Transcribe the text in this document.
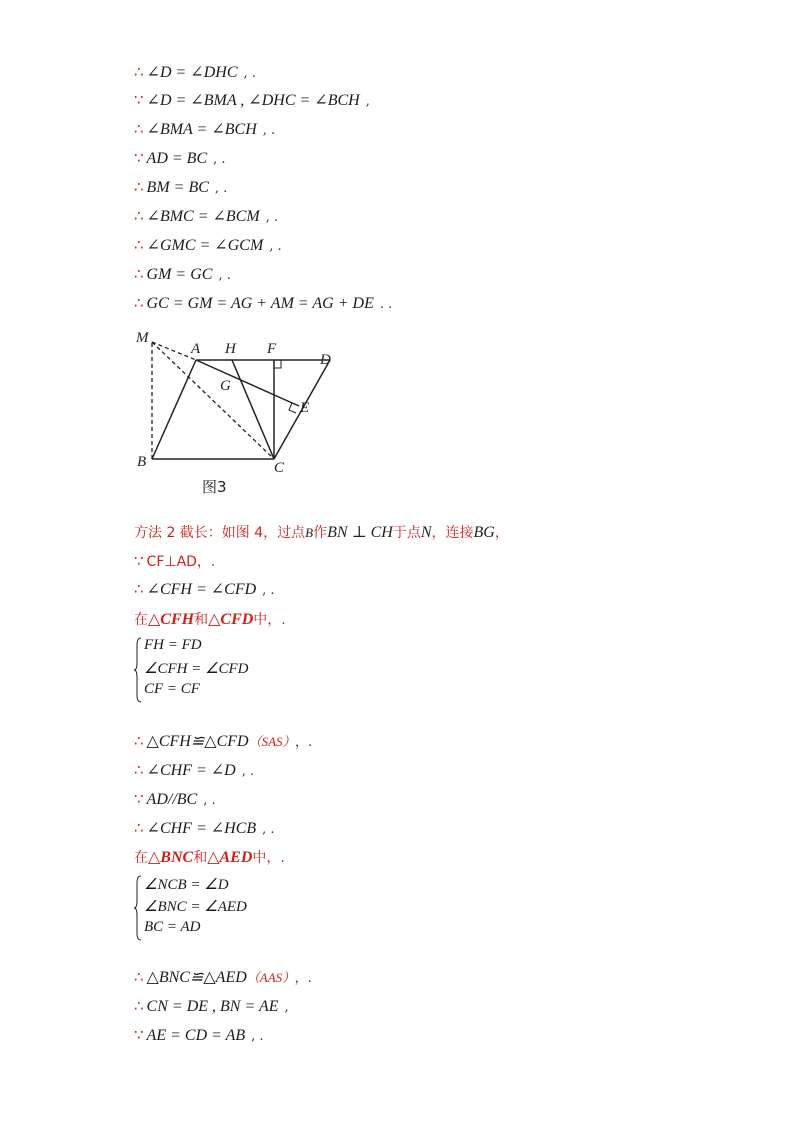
∴ ∠D = ∠DHC , .
∵ ∠D = ∠BMA , ∠DHC = ∠BCH ,
∴ ∠BMA = ∠BCH , .
∵ AD = BC , .
∴ BM = BC , .
∴ ∠BMC = ∠BCM , .
∴ ∠GMC = ∠GCM , .
∴ GM = GC , .
∴ GC = GM = AG + AM = AG + DE . .
M
A H F
D
G
E
B	C
图3
方法 2 截长：如图 4，过点B作BN ⊥ CH于点N，连接BG，
∵ CF⊥AD，.
∴ ∠CFH = ∠CFD , .
在△CFH和△CFD中，.
FH = FD
∠CFH = ∠CFD
CF = CF
∴ △CFH≌△CFD（SAS） ，.
∴ ∠CHF = ∠D , .
∵ AD//BC , .
∴ ∠CHF = ∠HCB , .
在△BNC和△AED中，.
∠NCB = ∠D
∠BNC = ∠AED
BC = AD
∴ △BNC≌△AED（AAS） ，.
∴ CN = DE , BN = AE ,
∵ AE = CD = AB , .
